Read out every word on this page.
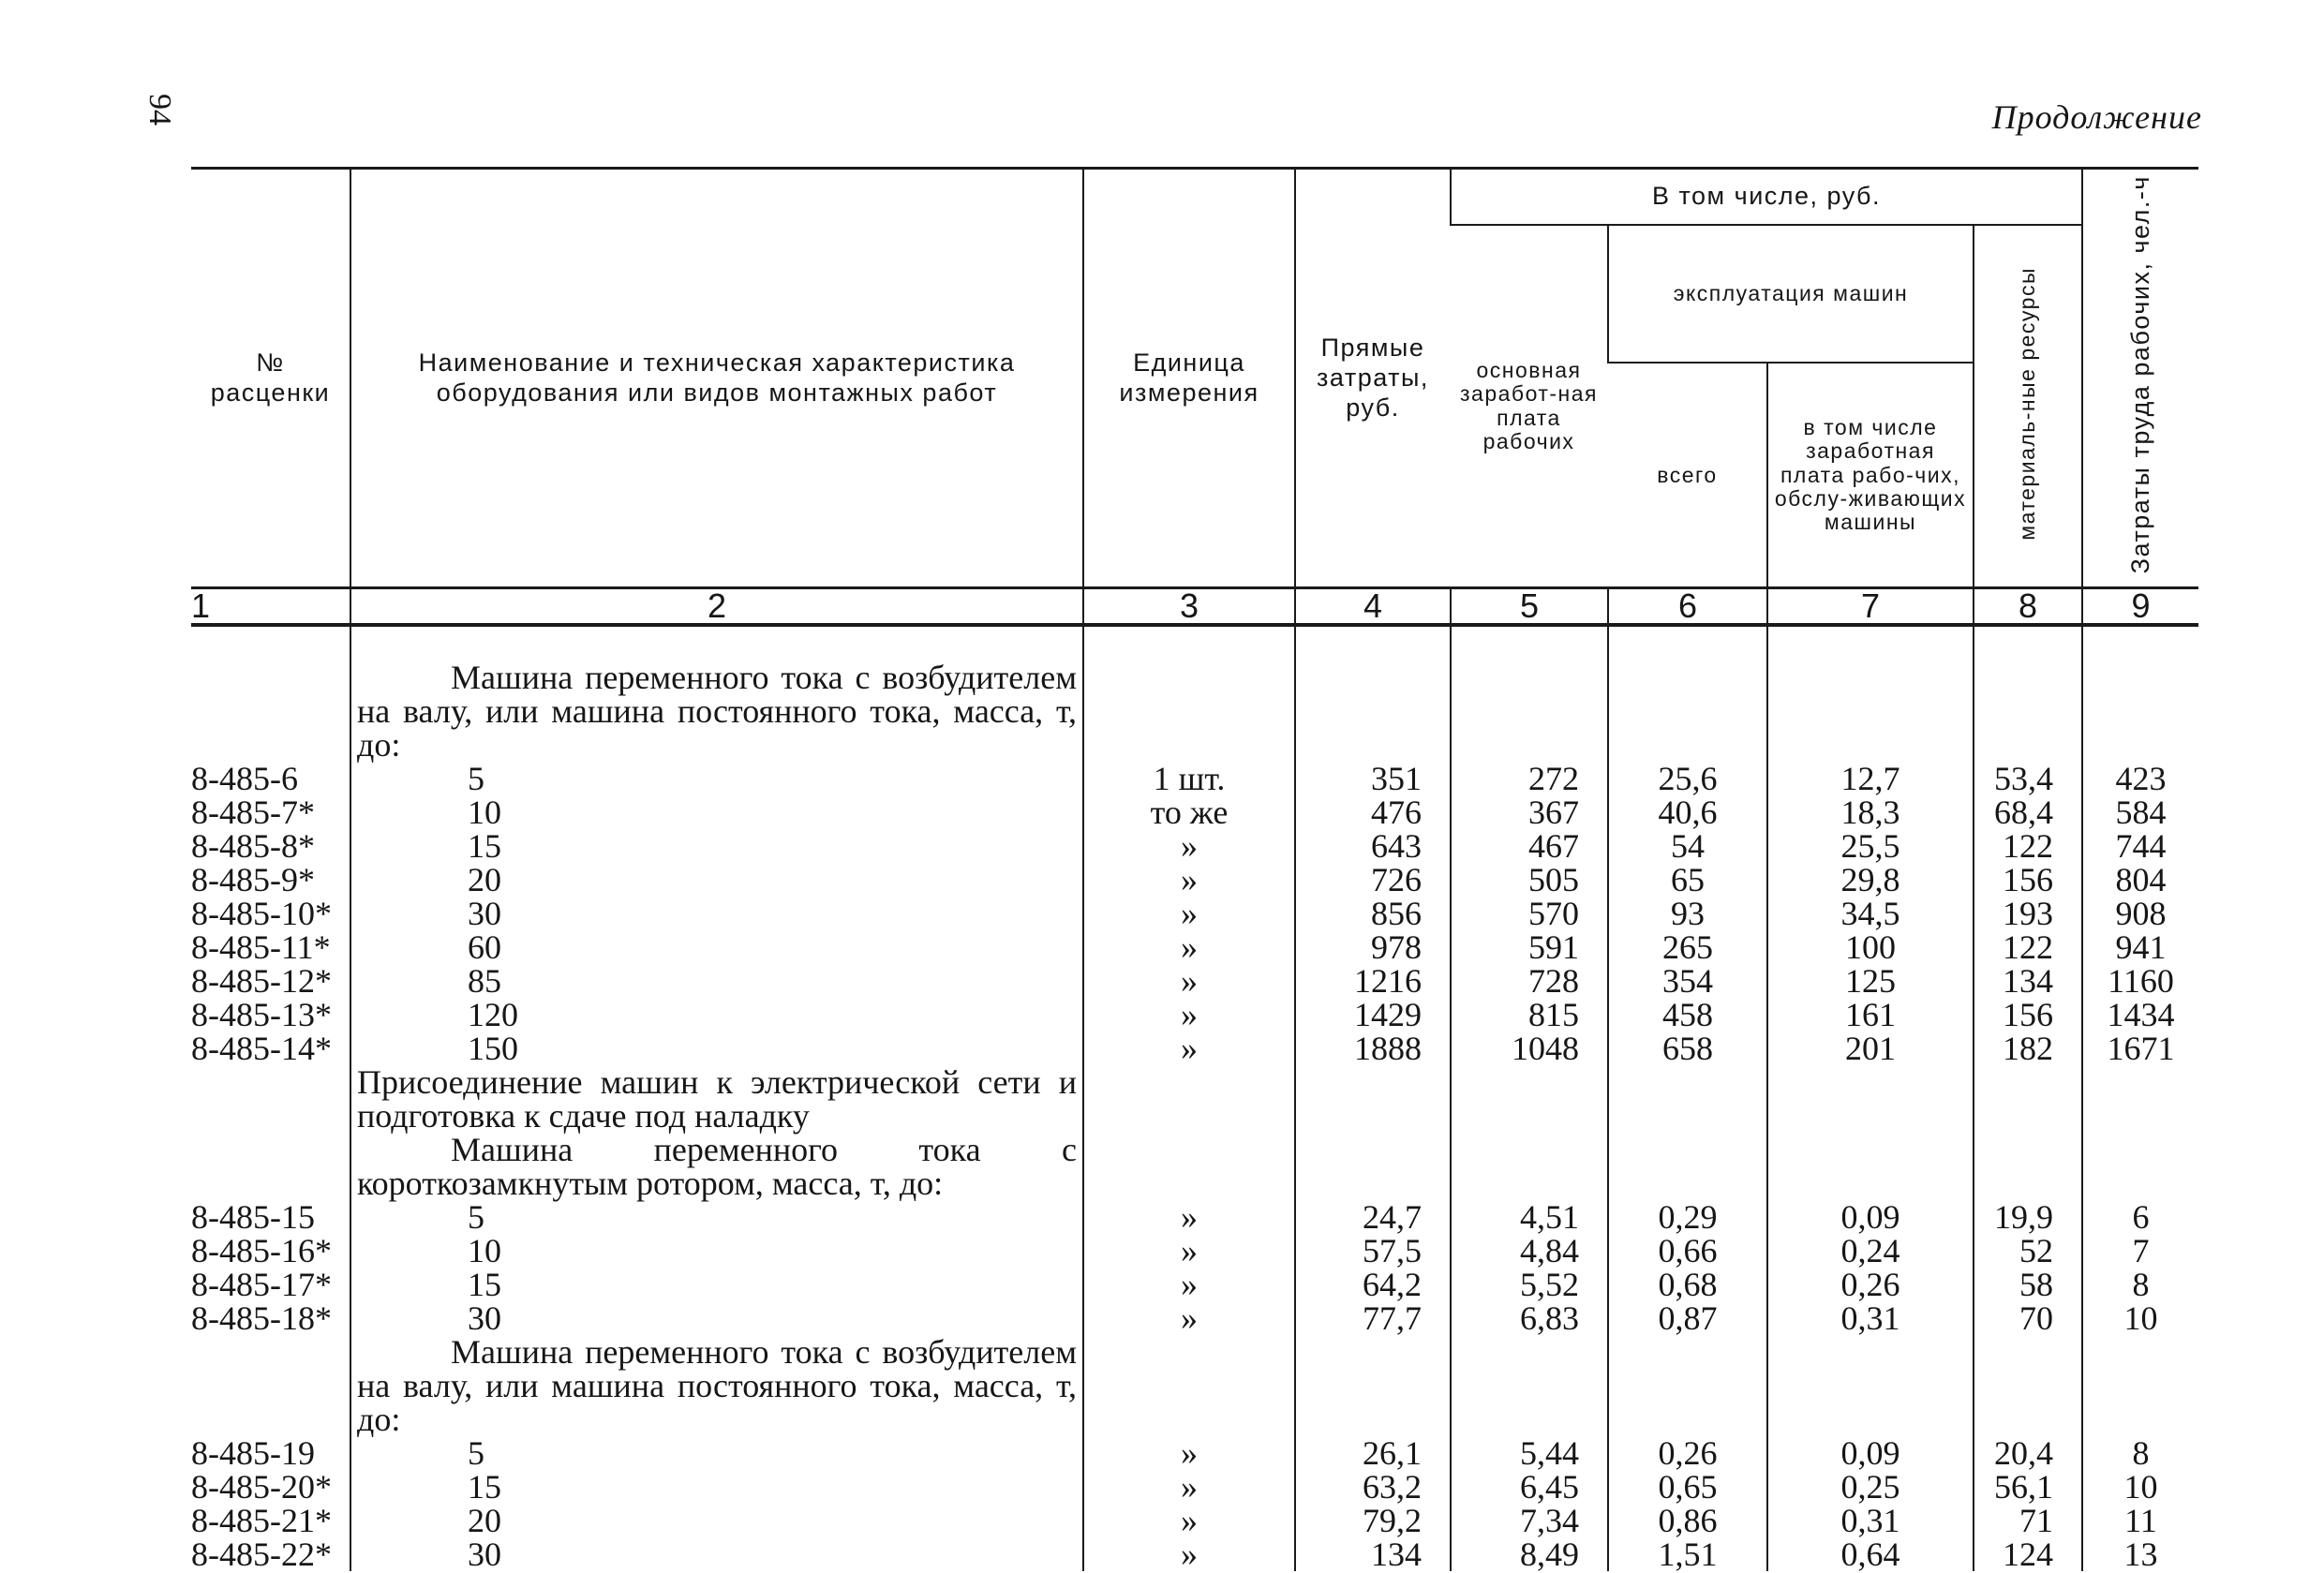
94	Продолжение
№ расценки	Наименование и техническая характеристика оборудования или видов монтажных работ	Единица измерения	Прямые затраты, руб.	В том числе, руб.				Затраты труда рабочих, чел.-ч
				основная заработ-ная плата рабочих	эксплуатация машин		материаль-ные ресурсы	
					всего	в том числе заработная плата рабо-чих, обслу-живающих машины		
1	2	3	4	5	6	7	8	9

	Машина переменного тока с возбудителем на валу, или машина постоянного тока, масса, т, до:							

8-485-6	5	1 шт.	351	272	25,6	12,7	53,4	423
8-485-7*	10	то же	476	367	40,6	18,3	68,4	584
8-485-8*	15	»	643	467	54	25,5	122	744
8-485-9*	20	»	726	505	65	29,8	156	804
8-485-10*	30	»	856	570	93	34,5	193	908
8-485-11*	60	»	978	591	265	100	122	941
8-485-12*	85	»	1216	728	354	125	134	1160
8-485-13*	120	»	1429	815	458	161	156	1434
8-485-14*	150	»	1888	1048	658	201	182	1671

	Присоединение машин к электрической сети и подготовка к сдаче под наладку							

	Машина переменного тока с короткозамкнутым ротором, масса, т, до:							

8-485-15	5	»	24,7	4,51	0,29	0,09	19,9	6
8-485-16*	10	»	57,5	4,84	0,66	0,24	52	7
8-485-17*	15	»	64,2	5,52	0,68	0,26	58	8
8-485-18*	30	»	77,7	6,83	0,87	0,31	70	10

	Машина переменного тока с возбудителем на валу, или машина постоянного тока, масса, т, до:							

8-485-19	5	»	26,1	5,44	0,26	0,09	20,4	8
8-485-20*	15	»	63,2	6,45	0,65	0,25	56,1	10
8-485-21*	20	»	79,2	7,34	0,86	0,31	71	11
8-485-22*	30	»	134	8,49	1,51	0,64	124	13
